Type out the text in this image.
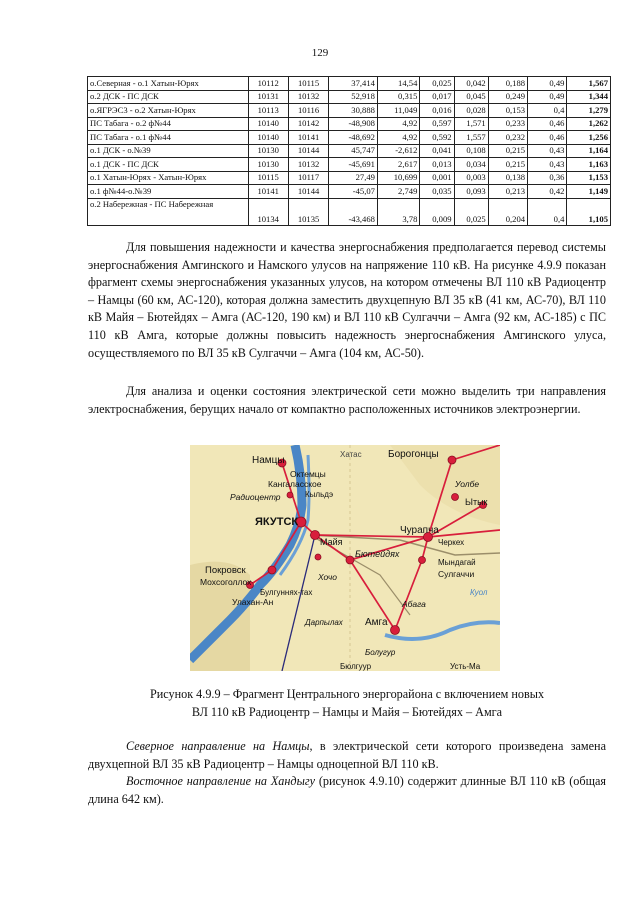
129
о.Северная - о.1 Хатын-Юрях	10112	10115	37,414	14,54	0,025	0,042	0,188	0,49	1,567
о.2 ДСК - ПС ДСК	10131	10132	52,918	0,315	0,017	0,045	0,249	0,49	1,344
о.ЯГРЭС3 - о.2 Хатын-Юрях	10113	10116	30,888	11,049	0,016	0,028	0,153	0,4	1,279
ПС Табага - о.2 ф№44	10140	10142	-48,908	4,92	0,597	1,571	0,233	0,46	1,262
ПС Табага - о.1 ф№44	10140	10141	-48,692	4,92	0,592	1,557	0,232	0,46	1,256
о.1 ДСК - о.№39	10130	10144	45,747	-2,612	0,041	0,108	0,215	0,43	1,164
о.1 ДСК - ПС ДСК	10130	10132	-45,691	2,617	0,013	0,034	0,215	0,43	1,163
о.1 Хатын-Юрях - Хатын-Юрях	10115	10117	27,49	10,699	0,001	0,003	0,138	0,36	1,153
о.1 ф№44-о.№39	10141	10144	-45,07	2,749	0,035	0,093	0,213	0,42	1,149
о.2 Набережная - ПС Набережная	10134	10135	-43,468	3,78	0,009	0,025	0,204	0,4	1,105

Для повышения надежности и качества энергоснабжения предполагается перевод системы энергоснабжения Амгинского и Намского улусов на напряжение 110 кВ. На рисунке 4.9.9 показан фрагмент схемы энергоснабжения указанных улусов, на котором отмечены ВЛ 110 кВ Радиоцентр – Намцы (60 км, АС-120), которая должна заместить двухцепную ВЛ 35 кВ (41 км, АС-70), ВЛ 110 кВ Майя – Бютейдях – Амга (АС-120, 190 км) и ВЛ 110 кВ Сулгаччи – Амга (92 км, АС-185) с ПС 110 кВ Амга, которые должны повысить надежность энергоснабжения Амгинского улуса, осуществляемого по ВЛ 35 кВ Сулгаччи – Амга (104 км, АС-50).

Для анализа и оценки состояния электрической сети можно выделить три направления электроснабжения, берущих начало от компактно расположенных источников электроэнергии.

Намцы
Хатас	Борогонцы
Октемцы
Кангаласское
Радиоцентр	Кыльдэ
ЯКУТСК
Майя
Покровск
Мохсоголлох
Улахан-Ан
Хочо
Булгуннях-тах
Дарпылах
Бютейдях
Чурапча
Мындагай
Сулгаччи
Абага
Амга
Болугур
Уолбе
Ытык
Черкех
Куол
Бюлгуур	Усть-Ма
Рисунок 4.9.9 – Фрагмент Центрального энергорайона с включением новых
ВЛ 110 кВ Радиоцентр – Намцы и Майя – Бютейдях – Амга

Северное направление на Намцы, в электрической сети которого произведена замена двухцепной ВЛ 35 кВ Радиоцентр – Намцы одноцепной ВЛ 110 кВ.

Восточное направление на Хандыгу (рисунок 4.9.10) содержит длинные ВЛ 110 кВ (общая длина 642 км).
